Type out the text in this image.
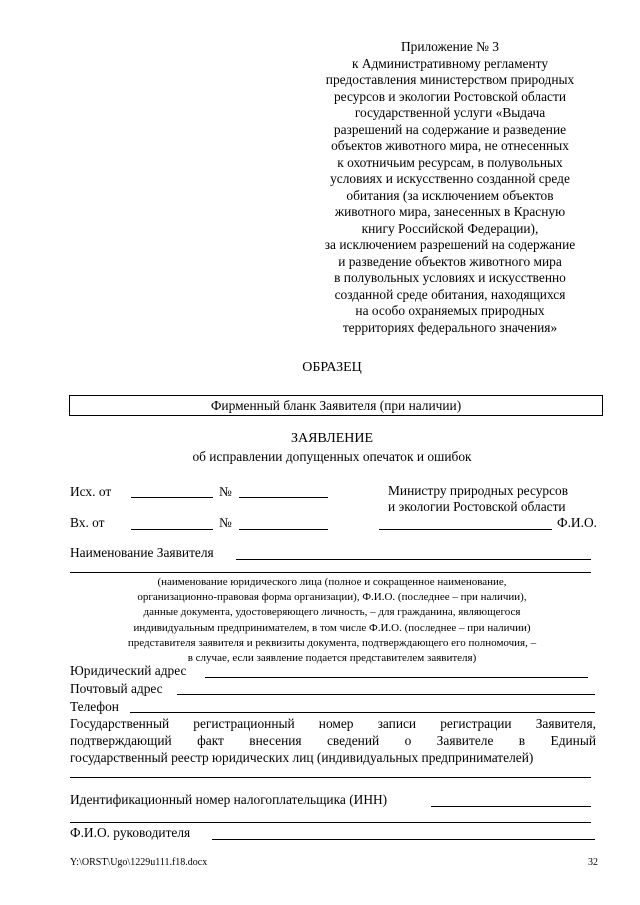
Приложение № 3
к Административному регламенту
предоставления министерством природных
ресурсов и экологии Ростовской области
государственной услуги «Выдача
разрешений на содержание и разведение
объектов животного мира, не отнесенных
к охотничьим ресурсам, в полувольных
условиях и искусственно созданной среде
обитания (за исключением объектов
животного мира, занесенных в Красную
книгу Российской Федерации),
за исключением разрешений на содержание
и разведение объектов животного мира
в полувольных условиях и искусственно
созданной среде обитания, находящихся
на особо охраняемых природных
территориях федерального значения»
ОБРАЗЕЦ
Фирменный бланк Заявителя (при наличии)
ЗАЯВЛЕНИЕ
об исправлении допущенных опечаток и ошибок
Исх. от	№
Вх. от	№
Министру природных ресурсов
и экологии Ростовской области
Ф.И.О.
Наименование Заявителя
(наименование юридического лица (полное и сокращенное наименование,
организационно-правовая форма организации), Ф.И.О. (последнее – при наличии),
данные документа, удостоверяющего личность, – для гражданина, являющегося
индивидуальным предпринимателем, в том числе Ф.И.О. (последнее – при наличии)
представителя заявителя и реквизиты документа, подтверждающего его полномочия, –
в случае, если заявление подается представителем заявителя)
Юридический адрес
Почтовый адрес
Телефон
Государственный регистрационный номер записи регистрации Заявителя,
подтверждающий факт внесения сведений о Заявителе в Единый
государственный реестр юридических лиц (индивидуальных предпринимателей)
Идентификационный номер налогоплательщика (ИНН)
Ф.И.О. руководителя
Y:\ORST\Ugo\1229u111.f18.docx	32
